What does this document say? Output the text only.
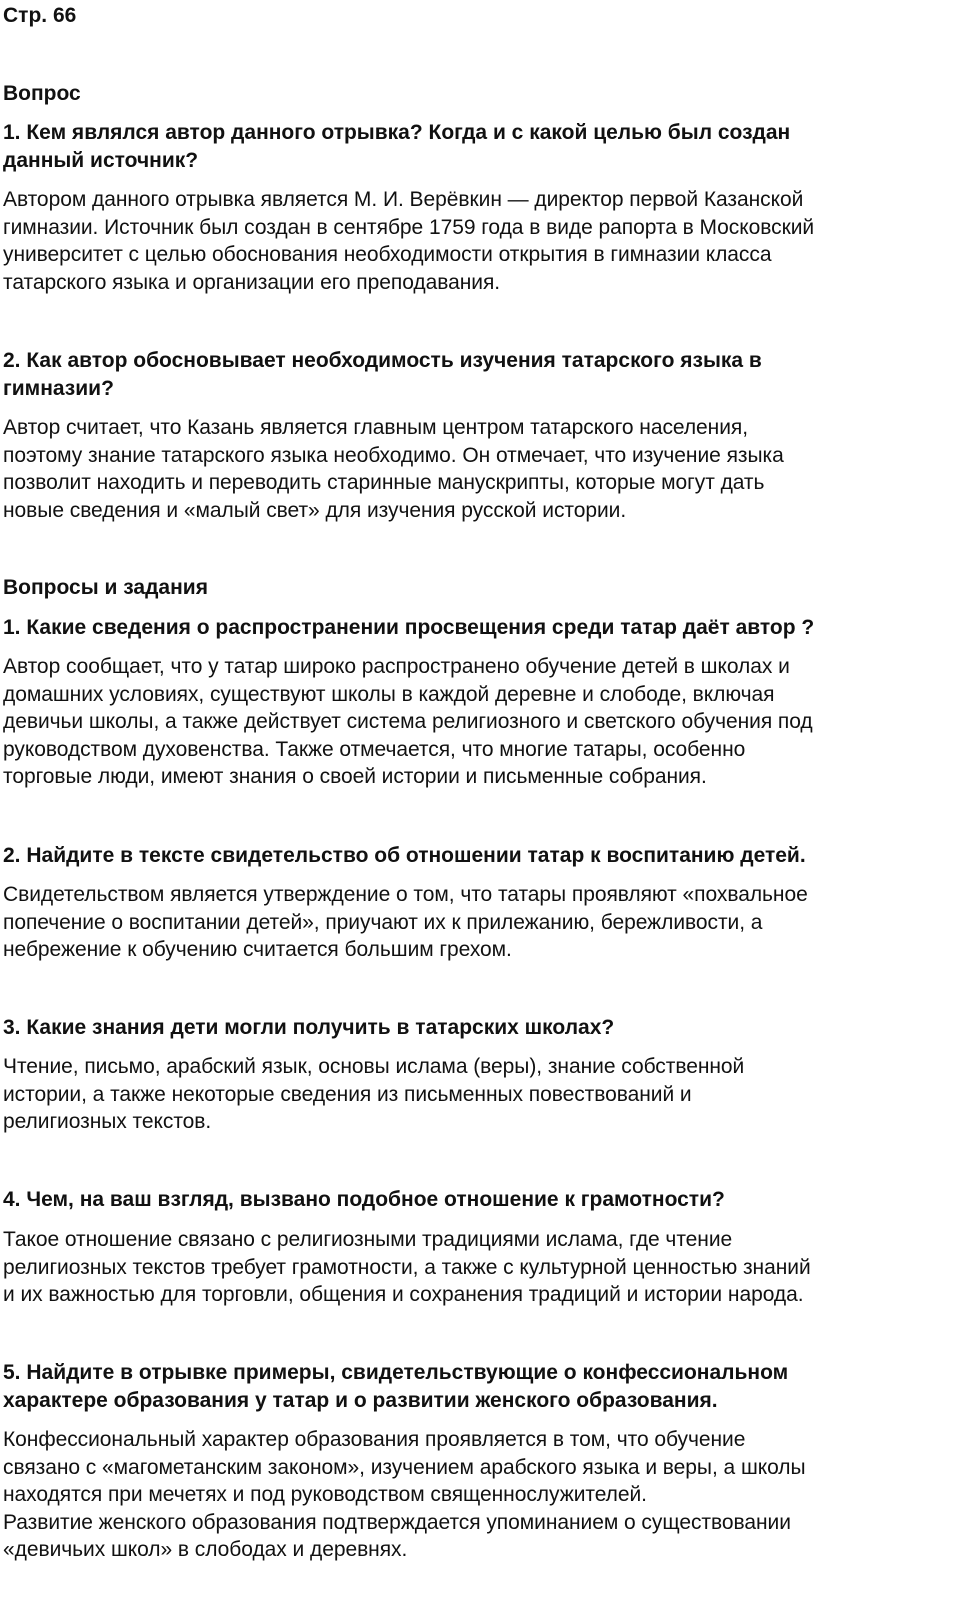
Стр. 66
Вопрос
1. Кем являлся автор данного отрывка? Когда и с какой целью был создан
данный источник?
Автором данного отрывка является М. И. Верёвкин — директор первой Казанской
гимназии. Источник был создан в сентябре 1759 года в виде рапорта в Московский
университет с целью обоснования необходимости открытия в гимназии класса
татарского языка и организации его преподавания.
2. Как автор обосновывает необходимость изучения татарского языка в
гимназии?
Автор считает, что Казань является главным центром татарского населения,
поэтому знание татарского языка необходимо. Он отмечает, что изучение языка
позволит находить и переводить старинные манускрипты, которые могут дать
новые сведения и «малый свет» для изучения русской истории.
Вопросы и задания
1. Какие сведения о распространении просвещения среди татар даёт автор ?
Автор сообщает, что у татар широко распространено обучение детей в школах и
домашних условиях, существуют школы в каждой деревне и слободе, включая
девичьи школы, а также действует система религиозного и светского обучения под
руководством духовенства. Также отмечается, что многие татары, особенно
торговые люди, имеют знания о своей истории и письменные собрания.
2. Найдите в тексте свидетельство об отношении татар к воспитанию детей.
Свидетельством является утверждение о том, что татары проявляют «похвальное
попечение о воспитании детей», приучают их к прилежанию, бережливости, а
небрежение к обучению считается большим грехом.
3. Какие знания дети могли получить в татарских школах?
Чтение, письмо, арабский язык, основы ислама (веры), знание собственной
истории, а также некоторые сведения из письменных повествований и
религиозных текстов.
4. Чем, на ваш взгляд, вызвано подобное отношение к грамотности?
Такое отношение связано с религиозными традициями ислама, где чтение
религиозных текстов требует грамотности, а также с культурной ценностью знаний
и их важностью для торговли, общения и сохранения традиций и истории народа.
5. Найдите в отрывке примеры, свидетельствующие о конфессиональном
характере образования у татар и о развитии женского образования.
Конфессиональный характер образования проявляется в том, что обучение
связано с «магометанским законом», изучением арабского языка и веры, а школы
находятся при мечетях и под руководством священнослужителей.
Развитие женского образования подтверждается упоминанием о существовании
«девичьих школ» в слободах и деревнях.
